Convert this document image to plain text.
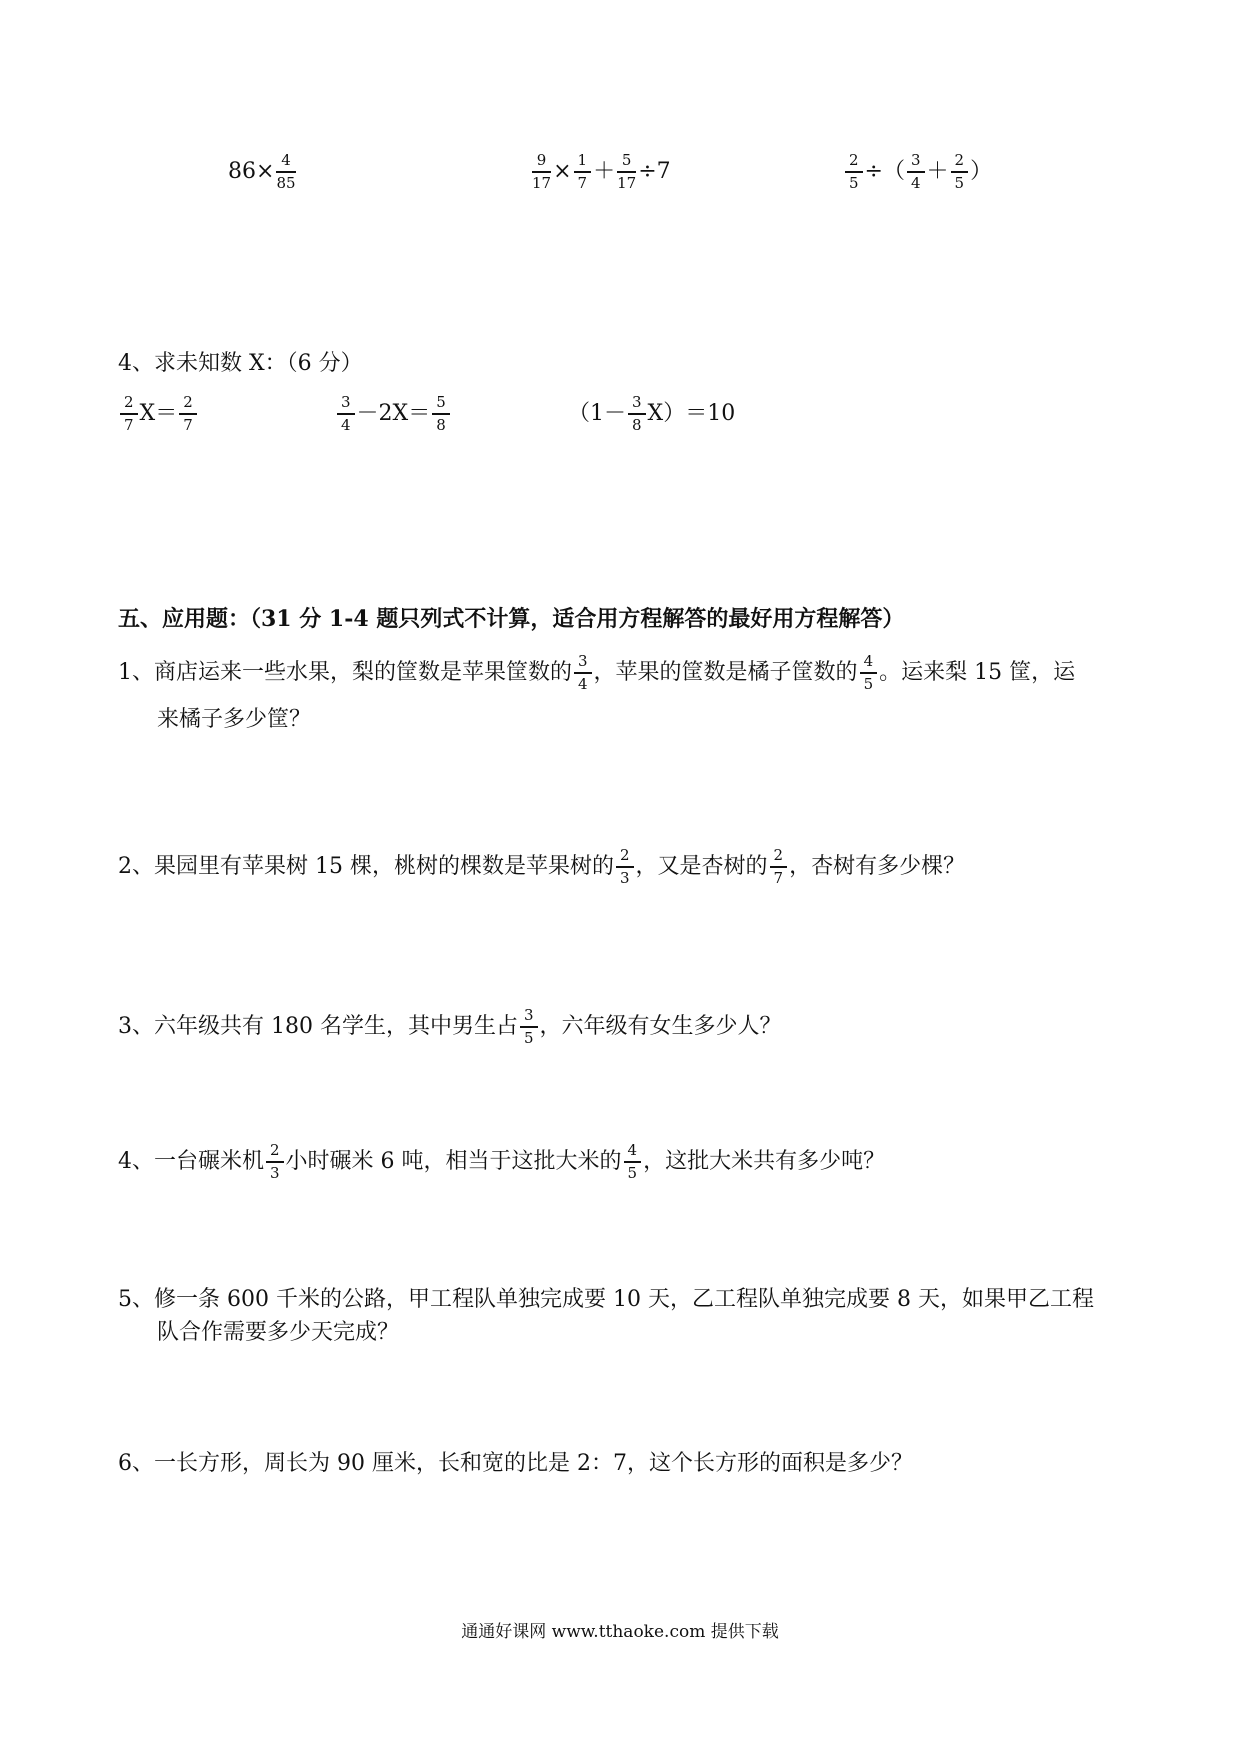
$86\times \frac{4}{85}$	$\frac{9}{17} \times \frac{1}{7} + \frac{5}{17} \div 7$	$\frac{2}{5}$ ÷（ $\frac{3}{4} + \frac{2}{5}$ ）
4、求未知数 X：（6 分）
$\frac{2}{7} X= \frac{2}{7}$	$\frac{3}{4} -2X= \frac{5}{8}$	$(1- \frac{3}{8} X)=10$
五、应用题：（31 分 1-4 题只列式不计算，适合用方程解答的最好用方程解答）
1、商店运来一些水果，梨的筐数是苹果筐数的 $\frac{3}{4}$ ，苹果的筐数是橘子筐数的 $\frac{4}{5}$ 。运来梨 15 筐，运
来橘子多少筐？
2、果园里有苹果树 15 棵，桃树的棵数是苹果树的 $\frac{2}{3}$ ，又是杏树的 $\frac{2}{7}$ ，杏树有多少棵？
3、六年级共有 180 名学生，其中男生占 $\frac{3}{5}$ ，六年级有女生多少人？
4、一台碾米机 $\frac{2}{3}$ 小时碾米 6 吨，相当于这批大米的 $\frac{4}{5}$ ，这批大米共有多少吨？
5、修一条 600 千米的公路，甲工程队单独完成要 10 天，乙工程队单独完成要 8 天，如果甲乙工程
队合作需要多少天完成？
6、一长方形，周长为 90 厘米，长和宽的比是 2：7，这个长方形的面积是多少？
通通好课网 www.tthaoke.com 提供下载
